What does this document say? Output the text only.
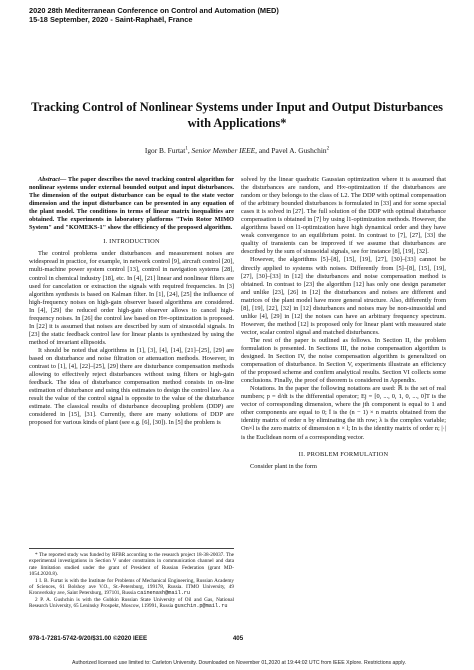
2020 28th Mediterranean Conference on Control and Automation (MED)
15-18 September, 2020 - Saint-Raphaël, France
Tracking Control of Nonlinear Systems under Input and Output Disturbances with Applications*
Igor B. Furtat$^1$, Senior Member IEEE, and Pavel A. Gushchin$^2$

Abstract— The paper describes the novel tracking control algorithm for nonlinear systems under external bounded output and input disturbances. The dimension of the output disturbance can be equal to the state vector dimension and the input disturbance can be presented in any equation of the plant model. The conditions in terms of linear matrix inequalities are obtained. The experiments in laboratory platforms "Twin Rotor MIMO System" and "KOMEKS-1" show the efficiency of the proposed algorithm.

I. INTRODUCTION

The control problems under disturbances and measurement noises are widespread in practice, for example, in network control [9], aircraft control [20], multi-machine power system control [13], control in navigation systems [28], control in chemical industry [18], etc. In [4], [21] linear and nonlinear filters are used for cancelation or extraction the signals with required frequencies. In [3] algorithm synthesis is based on Kalman filter. In [1], [24], [25] the influence of high-frequency noises on high-gain observer based algorithms are considered. In [4], [29] the reduced order high-gain observer allows to cancel high-frequency noises. In [26] the control law based on H∞-optimization is proposed. In [22] it is assumed that noises are described by sum of sinusoidal signals. In [23] the static feedback control law for linear plants is synthesized by using the method of invariant ellipsoids.

It should be noted that algorithms in [1], [3], [4], [14], [21]–[25], [29] are based on disturbance and noise filtration or attenuation methods. However, in contrast to [1], [4], [22]–[25], [29] there are disturbance compensation methods allowing to effectively reject disturbances without using filters or high-gain feedback. The idea of disturbance compensation method consists in on-line estimation of disturbance and using this estimates to design the control law. As a result the value of the control signal is opposite to the value of the disturbance estimate. The classical results of disturbance decoupling problem (DDP) are considered in [15], [31]. Currently, there are many solutions of DDP are proposed for various kinds of plant (see e.g. [6], [30]). In [5] the problem is

* The reported study was funded by RFBR according to the research project 18-38-20037. The experimental investigations in Section V under constraints in communication channel and data rate limitation studied under the grant of President of Russian Federation (grant MD-1054.2020.8).

1 I. B. Furtat is with the Institute for Problems of Mechanical Engineering, Russian Academy of Sciences, 61 Bolshoy ave V.O., St.-Petersburg, 199178, Russia. ITMO University, 49 Kronverksky ave, Saint Petersburg, 197101, Russia cainenash@mail.ru

2 P. A. Gushchin is with the Gubkin Russian State University of Oil and Gas, National Research University, 65 Leninsky Prospekt, Moscow, 119991, Russia guschin.p@mail.ru

solved by the linear quadratic Gaussian optimization where it is assumed that the disturbances are random, and H∞-optimization if the disturbances are random or they belongs to the class of L2. The DDP with optimal compensation of the arbitrary bounded disturbances is formulated in [33] and for some special cases it is solved in [27]. The full solution of the DDP with optimal disturbance compensation is obtained in [7] by using l1-optimization methods. However, the algorithms based on l1-optimization have high dynamical order and they have weak convergence to an equilibrium point. In contrast to [7], [27], [33] the quality of transients can be improved if we assume that disturbances are described by the sum of sinusoidal signals, see for instance [8], [19], [32].

However, the algorithms [5]–[8], [15], [19], [27], [30]–[33] cannot be directly applied to systems with noises. Differently from [5]–[8], [15], [19], [27], [30]–[33] in [12] the disturbances and noise compensation method is obtained. In contrast to [23] the algorithm [12] has only one design parameter and unlike [23], [26] in [12] the disturbances and noises are different and matrices of the plant model have more general structure. Also, differently from [8], [19], [22], [32] in [12] disturbances and noises may be non-sinusoidal and unlike [4], [29] in [12] the noises can have an arbitrary frequency spectrum. However, the method [12] is proposed only for linear plant with measured state vector, scalar control signal and matched disturbances.

The rest of the paper is outlined as follows. In Section II, the problem formulation is presented. In Sections III, the noise compensation algorithm is designed. In Section IV, the noise compensation algorithm is generalized on compensation of disturbance. In Section V, experiments illustrate an efficiency of the proposed scheme and confirm analytical results. Section VI collects some conclusions. Finally, the proof of theorem is considered in Appendix.

Notations. In the paper the following notations are used: ℝ is the set of real numbers; p = d/dt is the differential operator; Ej = [0, ..., 0, 1, 0, ..., 0]T is the vector of corresponding dimension, where the jth component is equal to 1 and other components are equal to 0; Ī is the (n − 1) × n matrix obtained from the identity matrix of order n by eliminating the ith row; λ is the complex variable; On×l is the zero matrix of dimension n × l; In is the identity matrix of order n; |·| is the Euclidean norm of a corresponding vector.

II. PROBLEM FORMULATION

Consider plant in the form

978-1-7281-5742-9/20/$31.00 ©2020 IEEE	405
Authorized licensed use limited to: Carleton University. Downloaded on November 01,2020 at 19:44:02 UTC from IEEE Xplore. Restrictions apply.
